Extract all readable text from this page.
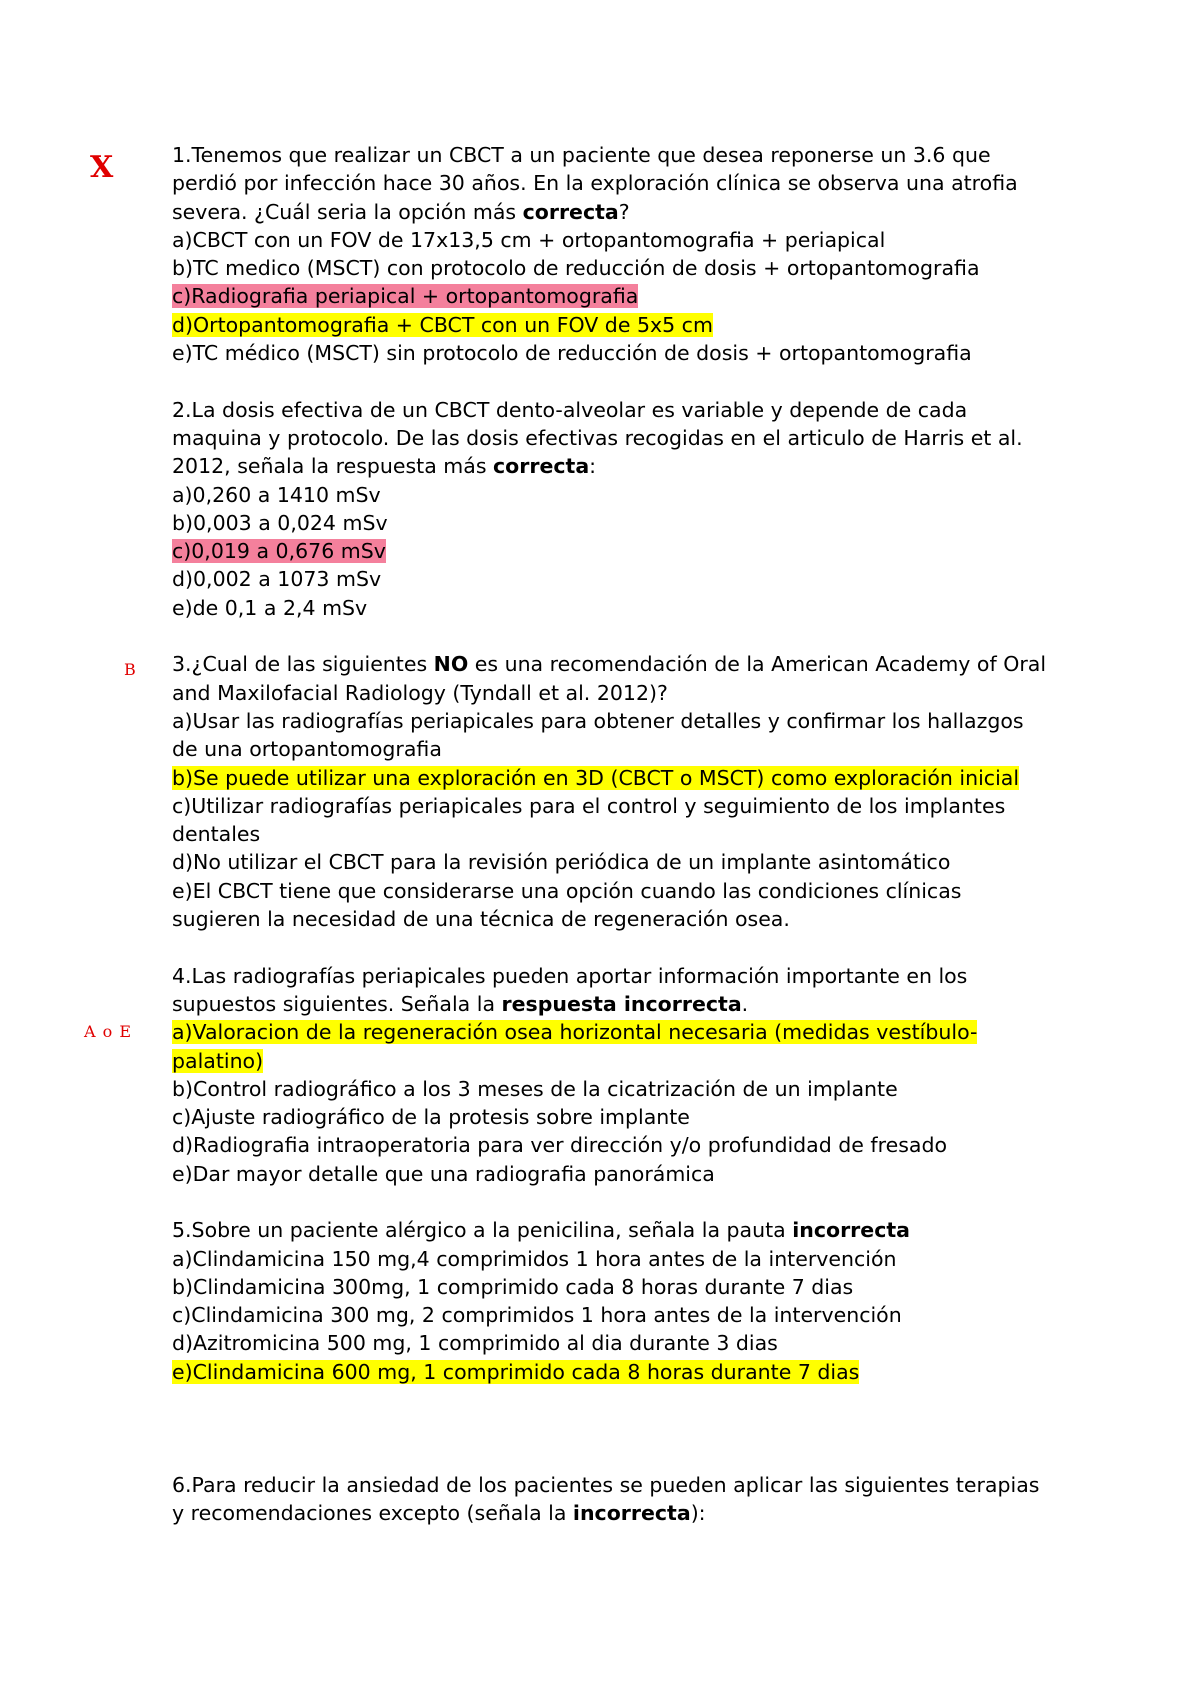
X
B
A o E

1.Tenemos que realizar un CBCT a un paciente que desea reponerse un 3.6 que perdió por infección hace 30 años. En la exploración clínica se observa una atrofia severa. ¿Cuál seria la opción más correcta?

a)CBCT con un FOV de 17x13,5 cm + ortopantomografia + periapical

b)TC medico (MSCT) con protocolo de reducción de dosis + ortopantomografia

c)Radiografia periapical + ortopantomografia

d)Ortopantomografia + CBCT con un FOV de 5x5 cm

e)TC médico (MSCT) sin protocolo de reducción de dosis + ortopantomografia

2.La dosis efectiva de un CBCT dento-alveolar es variable y depende de cada maquina y protocolo. De las dosis efectivas recogidas en el articulo de Harris et al. 2012, señala la respuesta más correcta:

a)0,260 a 1410 mSv

b)0,003 a 0,024 mSv

c)0,019 a 0,676 mSv

d)0,002 a 1073 mSv

e)de 0,1 a 2,4 mSv

3.¿Cual de las siguientes NO es una recomendación de la American Academy of Oral and Maxilofacial Radiology (Tyndall et al. 2012)?

a)Usar las radiografías periapicales para obtener detalles y confirmar los hallazgos de una ortopantomografia

b)Se puede utilizar una exploración en 3D (CBCT o MSCT) como exploración inicial

c)Utilizar radiografías periapicales para el control y seguimiento de los implantes dentales

d)No utilizar el CBCT para la revisión periódica de un implante asintomático

e)El CBCT tiene que considerarse una opción cuando las condiciones clínicas sugieren la necesidad de una técnica de regeneración osea.

4.Las radiografías periapicales pueden aportar información importante en los supuestos siguientes. Señala la respuesta incorrecta.

a)Valoracion de la regeneración osea horizontal necesaria (medidas vestíbulo-palatino)

b)Control radiográfico a los 3 meses de la cicatrización de un implante

c)Ajuste radiográfico de la protesis sobre implante

d)Radiografia intraoperatoria para ver dirección y/o profundidad de fresado

e)Dar mayor detalle que una radiografia panorámica

5.Sobre un paciente alérgico a la penicilina, señala la pauta incorrecta

a)Clindamicina 150 mg,4 comprimidos 1 hora antes de la intervención

b)Clindamicina 300mg, 1 comprimido cada 8 horas durante 7 dias

c)Clindamicina 300 mg, 2 comprimidos 1 hora antes de la intervención

d)Azitromicina 500 mg, 1 comprimido al dia durante 3 dias

e)Clindamicina 600 mg, 1 comprimido cada 8 horas durante 7 dias

6.Para reducir la ansiedad de los pacientes se pueden aplicar las siguientes terapias y recomendaciones excepto (señala la incorrecta):
